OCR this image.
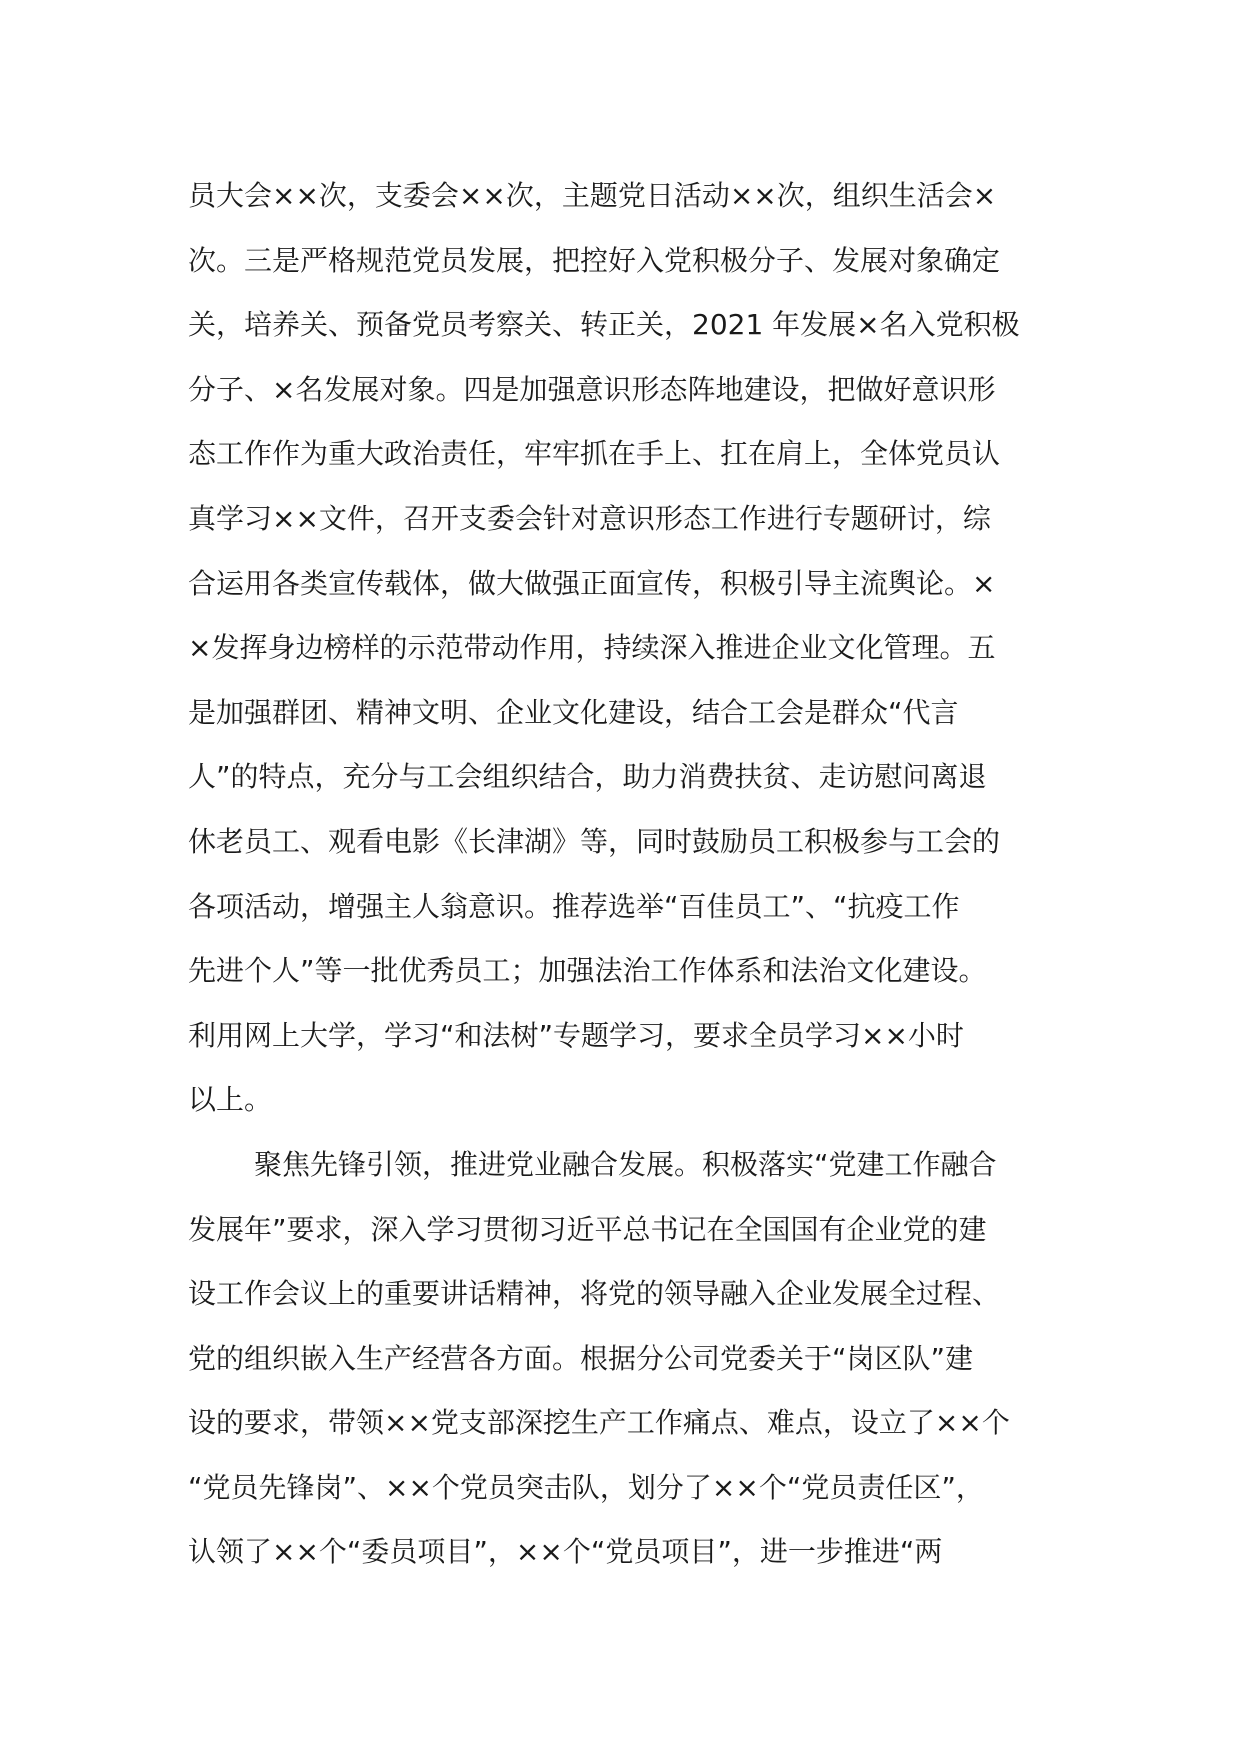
员大会××次，支委会××次，主题党日活动××次，组织生活会×
次。三是严格规范党员发展，把控好入党积极分子、发展对象确定
关，培养关、预备党员考察关、转正关，2021 年发展×名入党积极
分子、×名发展对象。四是加强意识形态阵地建设，把做好意识形
态工作作为重大政治责任，牢牢抓在手上、扛在肩上，全体党员认
真学习××文件，召开支委会针对意识形态工作进行专题研讨，综
合运用各类宣传载体，做大做强正面宣传，积极引导主流舆论。×
×发挥身边榜样的示范带动作用，持续深入推进企业文化管理。五
是加强群团、精神文明、企业文化建设，结合工会是群众“代言
人”的特点，充分与工会组织结合，助力消费扶贫、走访慰问离退
休老员工、观看电影《长津湖》等，同时鼓励员工积极参与工会的
各项活动，增强主人翁意识。推荐选举“百佳员工”、“抗疫工作
先进个人”等一批优秀员工；加强法治工作体系和法治文化建设。
利用网上大学，学习“和法树”专题学习，要求全员学习××小时
以上。
聚焦先锋引领，推进党业融合发展。积极落实“党建工作融合
发展年”要求，深入学习贯彻习近平总书记在全国国有企业党的建
设工作会议上的重要讲话精神，将党的领导融入企业发展全过程、
党的组织嵌入生产经营各方面。根据分公司党委关于“岗区队”建
设的要求，带领××党支部深挖生产工作痛点、难点，设立了××个
“党员先锋岗”、××个党员突击队，划分了××个“党员责任区”，
认领了××个“委员项目”，××个“党员项目”，进一步推进“两
